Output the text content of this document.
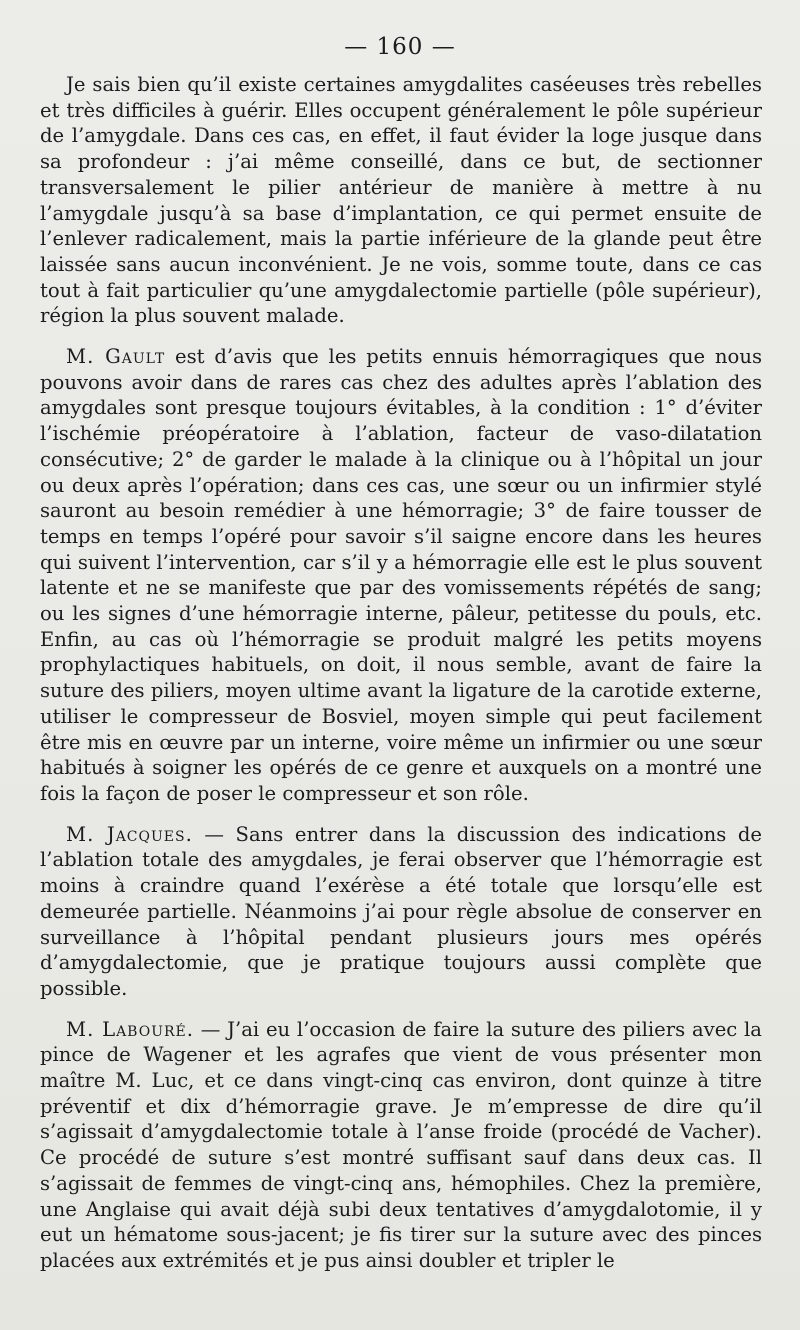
— 160 —

Je sais bien qu’il existe certaines amygdalites caséeuses très rebelles et très difficiles à guérir. Elles occupent généralement le pôle supérieur de l’amygdale. Dans ces cas, en effet, il faut évider la loge jusque dans sa profondeur : j’ai même conseillé, dans ce but, de sectionner transversalement le pilier antérieur de manière à mettre à nu l’amygdale jusqu’à sa base d’implantation, ce qui permet ensuite de l’enlever radicalement, mais la partie inférieure de la glande peut être laissée sans aucun inconvénient. Je ne vois, somme toute, dans ce cas tout à fait particulier qu’une amygdalectomie partielle (pôle supérieur), région la plus souvent malade.

M. Gault est d’avis que les petits ennuis hémorragiques que nous pouvons avoir dans de rares cas chez des adultes après l’ablation des amygdales sont presque toujours évitables, à la condition : 1° d’éviter l’ischémie préopératoire à l’ablation, facteur de vaso-dilatation consécutive; 2° de garder le malade à la clinique ou à l’hôpital un jour ou deux après l’opération; dans ces cas, une sœur ou un infirmier stylé sauront au besoin remédier à une hémorragie; 3° de faire tousser de temps en temps l’opéré pour savoir s’il saigne encore dans les heures qui suivent l’intervention, car s’il y a hémorragie elle est le plus souvent latente et ne se manifeste que par des vomissements répétés de sang; ou les signes d’une hémorragie interne, pâleur, petitesse du pouls, etc. Enfin, au cas où l’hémorragie se produit malgré les petits moyens prophylactiques habituels, on doit, il nous semble, avant de faire la suture des piliers, moyen ultime avant la ligature de la carotide externe, utiliser le compresseur de Bosviel, moyen simple qui peut facilement être mis en œuvre par un interne, voire même un infirmier ou une sœur habitués à soigner les opérés de ce genre et auxquels on a montré une fois la façon de poser le compresseur et son rôle.

M. Jacques. — Sans entrer dans la discussion des indications de l’ablation totale des amygdales, je ferai observer que l’hémorragie est moins à craindre quand l’exérèse a été totale que lorsqu’elle est demeurée partielle. Néanmoins j’ai pour règle absolue de conserver en surveillance à l’hôpital pendant plusieurs jours mes opérés d’amygdalectomie, que je pratique toujours aussi complète que possible.

M. Labouré. — J’ai eu l’occasion de faire la suture des piliers avec la pince de Wagener et les agrafes que vient de vous présenter mon maître M. Luc, et ce dans vingt-cinq cas environ, dont quinze à titre préventif et dix d’hémorragie grave. Je m’empresse de dire qu’il s’agissait d’amygdalectomie totale à l’anse froide (procédé de Vacher). Ce procédé de suture s’est montré suffisant sauf dans deux cas. Il s’agissait de femmes de vingt-cinq ans, hémophiles. Chez la première, une Anglaise qui avait déjà subi deux tentatives d’amygdalotomie, il y eut un hématome sous-jacent; je fis tirer sur la suture avec des pinces placées aux extrémités et je pus ainsi doubler et tripler le
